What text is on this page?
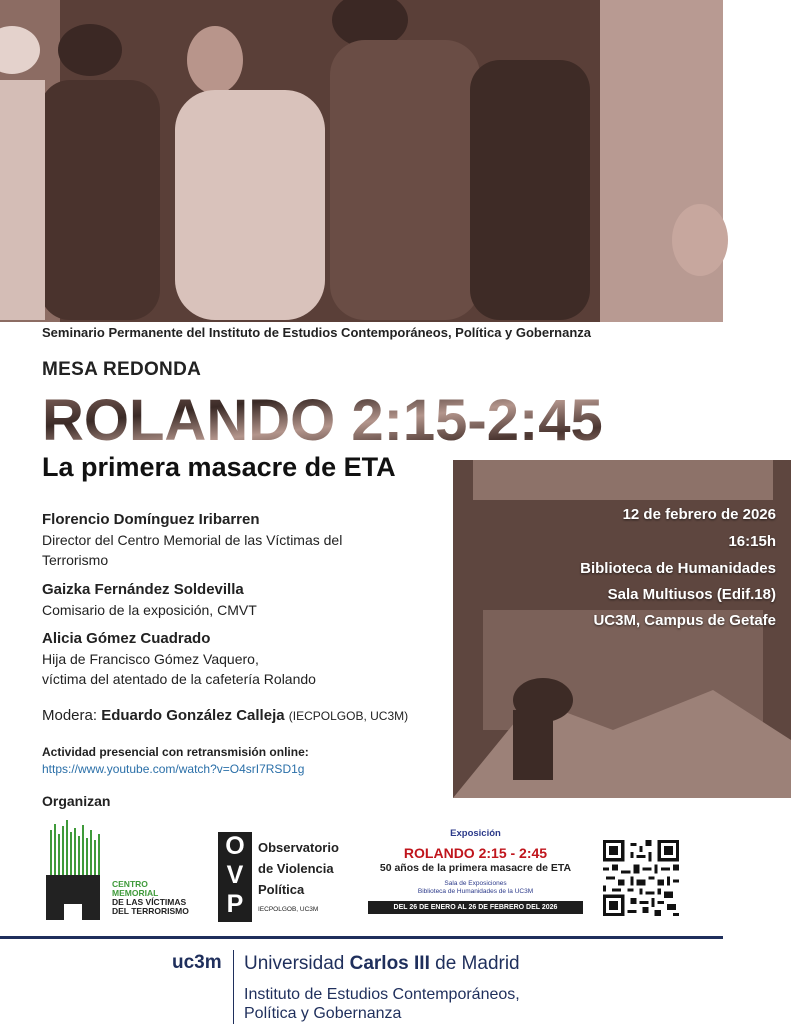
Seminario Permanente del Instituto de Estudios Contemporáneos, Política y Gobernanza
MESA REDONDA
ROLANDO 2:15-2:45
La primera masacre de ETA
Florencio Domínguez Iribarren
Director del Centro Memorial de las Víctimas del Terrorismo
Gaizka Fernández Soldevilla
Comisario de la exposición, CMVT
Alicia Gómez Cuadrado
Hija de Francisco Gómez Vaquero,
víctima del atentado de la cafetería Rolando
Modera: Eduardo González Calleja (IECPOLGOB, UC3M)
Actividad presencial con retransmisión online:
https://www.youtube.com/watch?v=O4srI7RSD1g
Organizan
12 de febrero de 2026
16:15h
Biblioteca de Humanidades
Sala Multiusos (Edif.18)
UC3M, Campus de Getafe
CENTRO
MEMORIAL
DE LAS VÍCTIMAS
DEL TERRORISMO
O
V
P
Observatorio
de Violencia
Política
IECPOLGOB, UC3M
Exposición
ROLANDO 2:15 - 2:45
50 años de la primera masacre de ETA
Sala de Exposiciones
Biblioteca de Humanidades de la UC3M
DEL 26 DE ENERO AL 26 DE FEBRERO DEL 2026
uc3m Universidad Carlos III de Madrid
Instituto de Estudios Contemporáneos,
Política y Gobernanza
